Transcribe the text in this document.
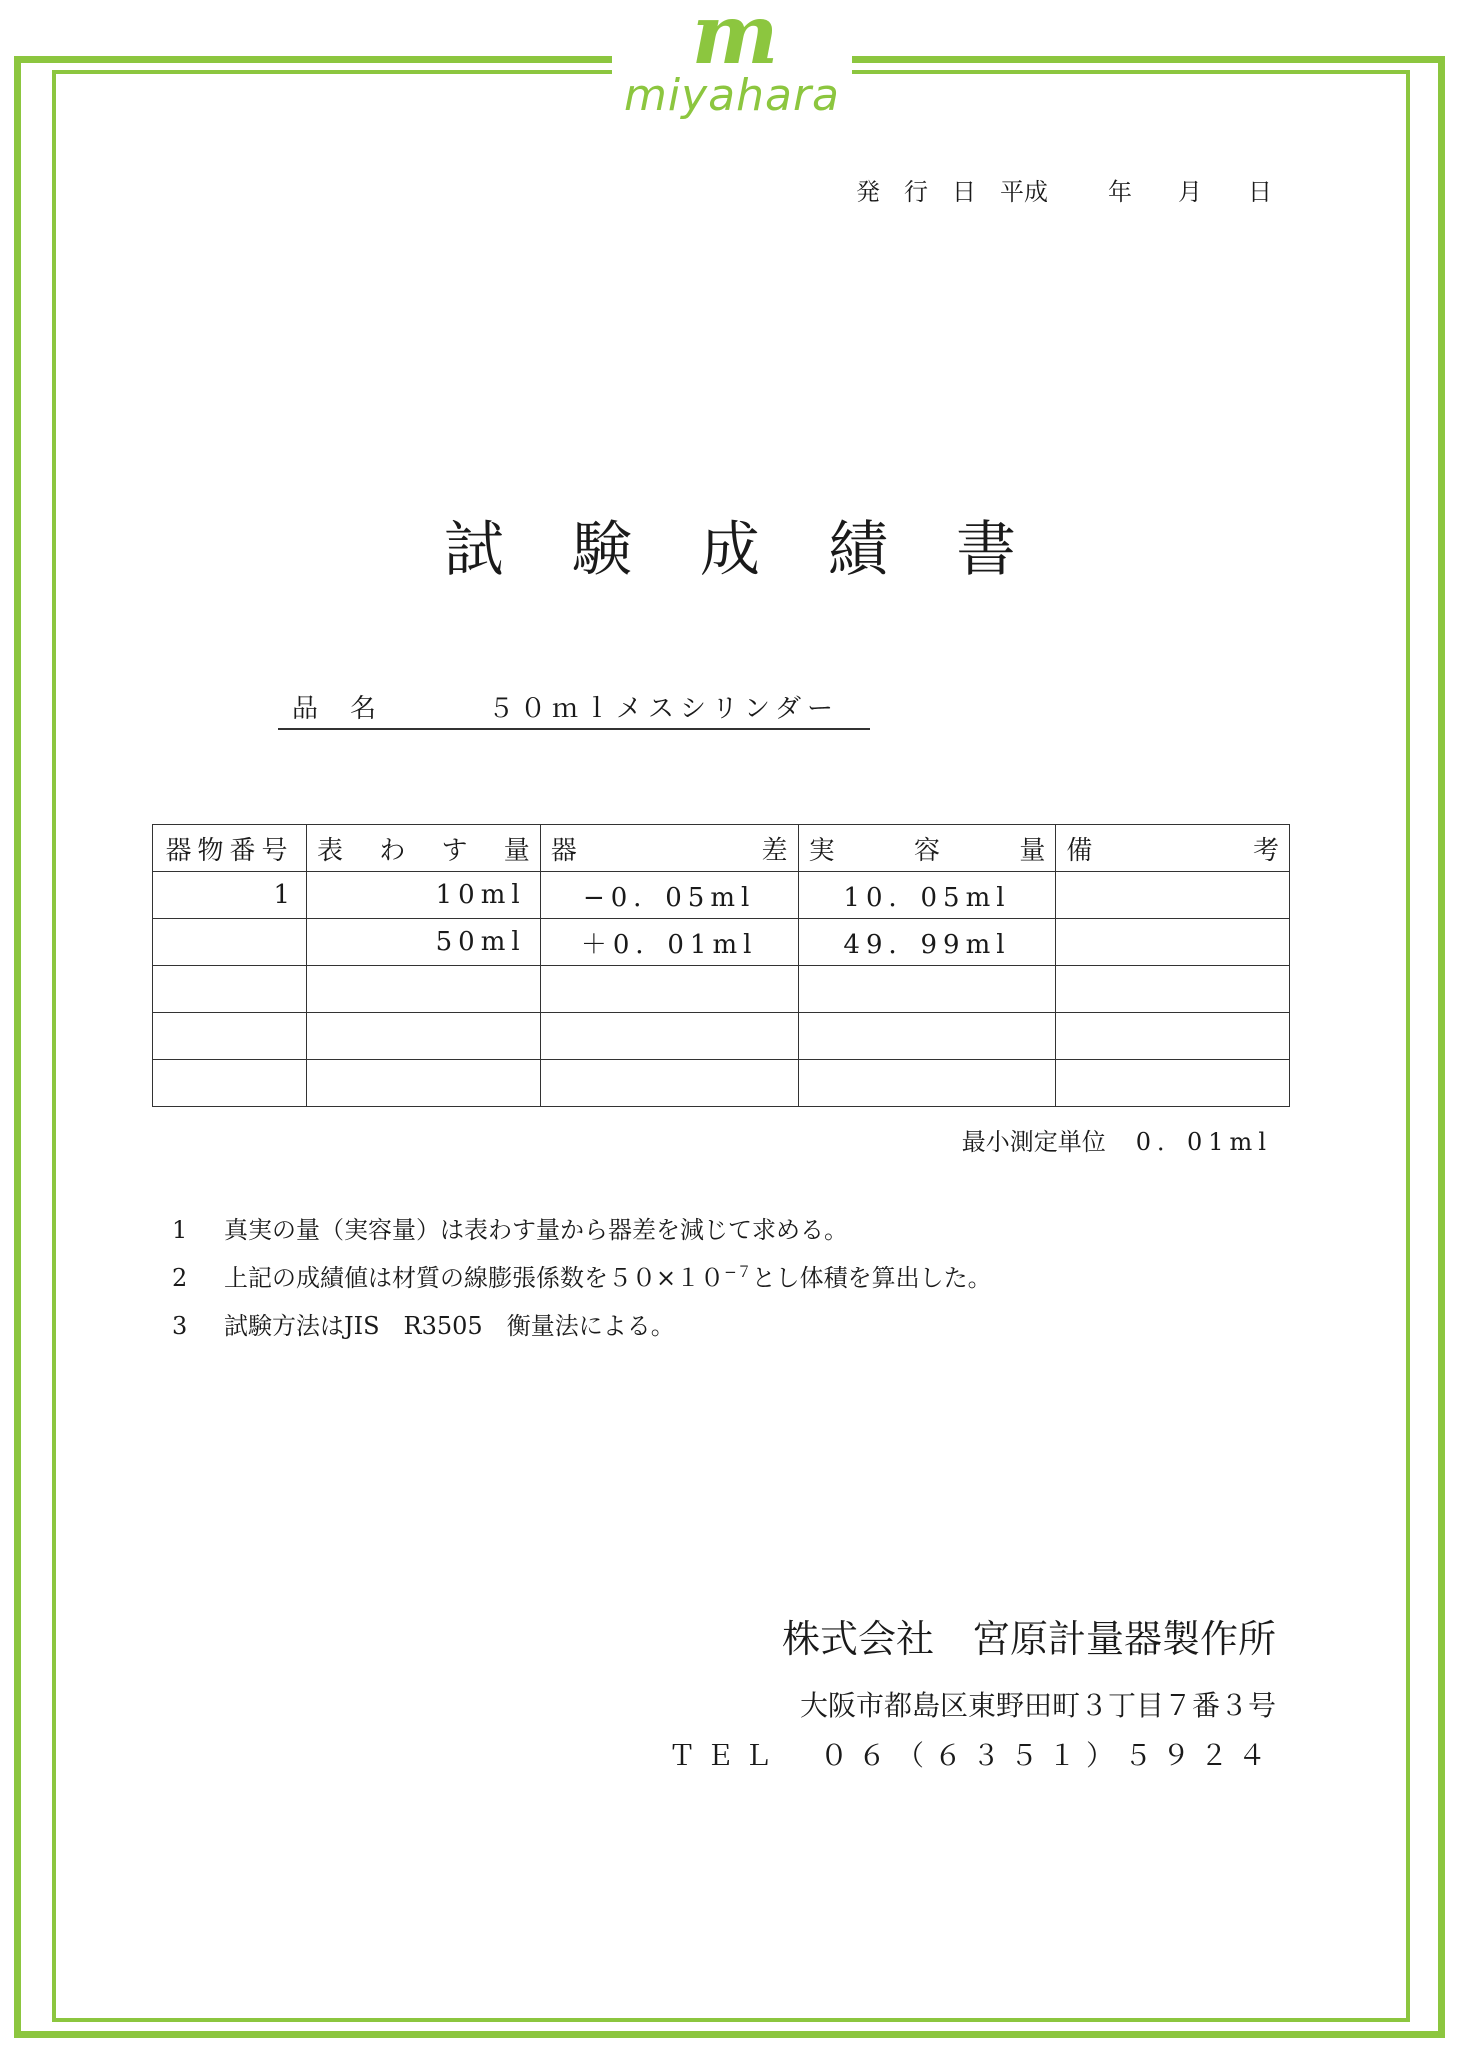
m
miyahara
発 行 日 平成	年 月 日
試験成績書
品名	５０ｍｌメスシリンダー
器物番号	表 わ す 量	器 差	実 容 量	備 考

1	10ml	−0．05ml	10．05ml	
	50ml	＋0．01ml	49．99ml	

最小測定単位 0．01ml
1 真実の量（実容量）は表わす量から器差を減じて求める。
2 上記の成績値は材質の線膨張係数を$50\times 10^{-7}$とし体積を算出した。
3 試験方法はJIS　R3505　衡量法による。
株式会社　宮原計量器製作所
大阪市都島区東野田町３丁目７番３号
ＴＥＬ　０６（６３５１）５９２４
